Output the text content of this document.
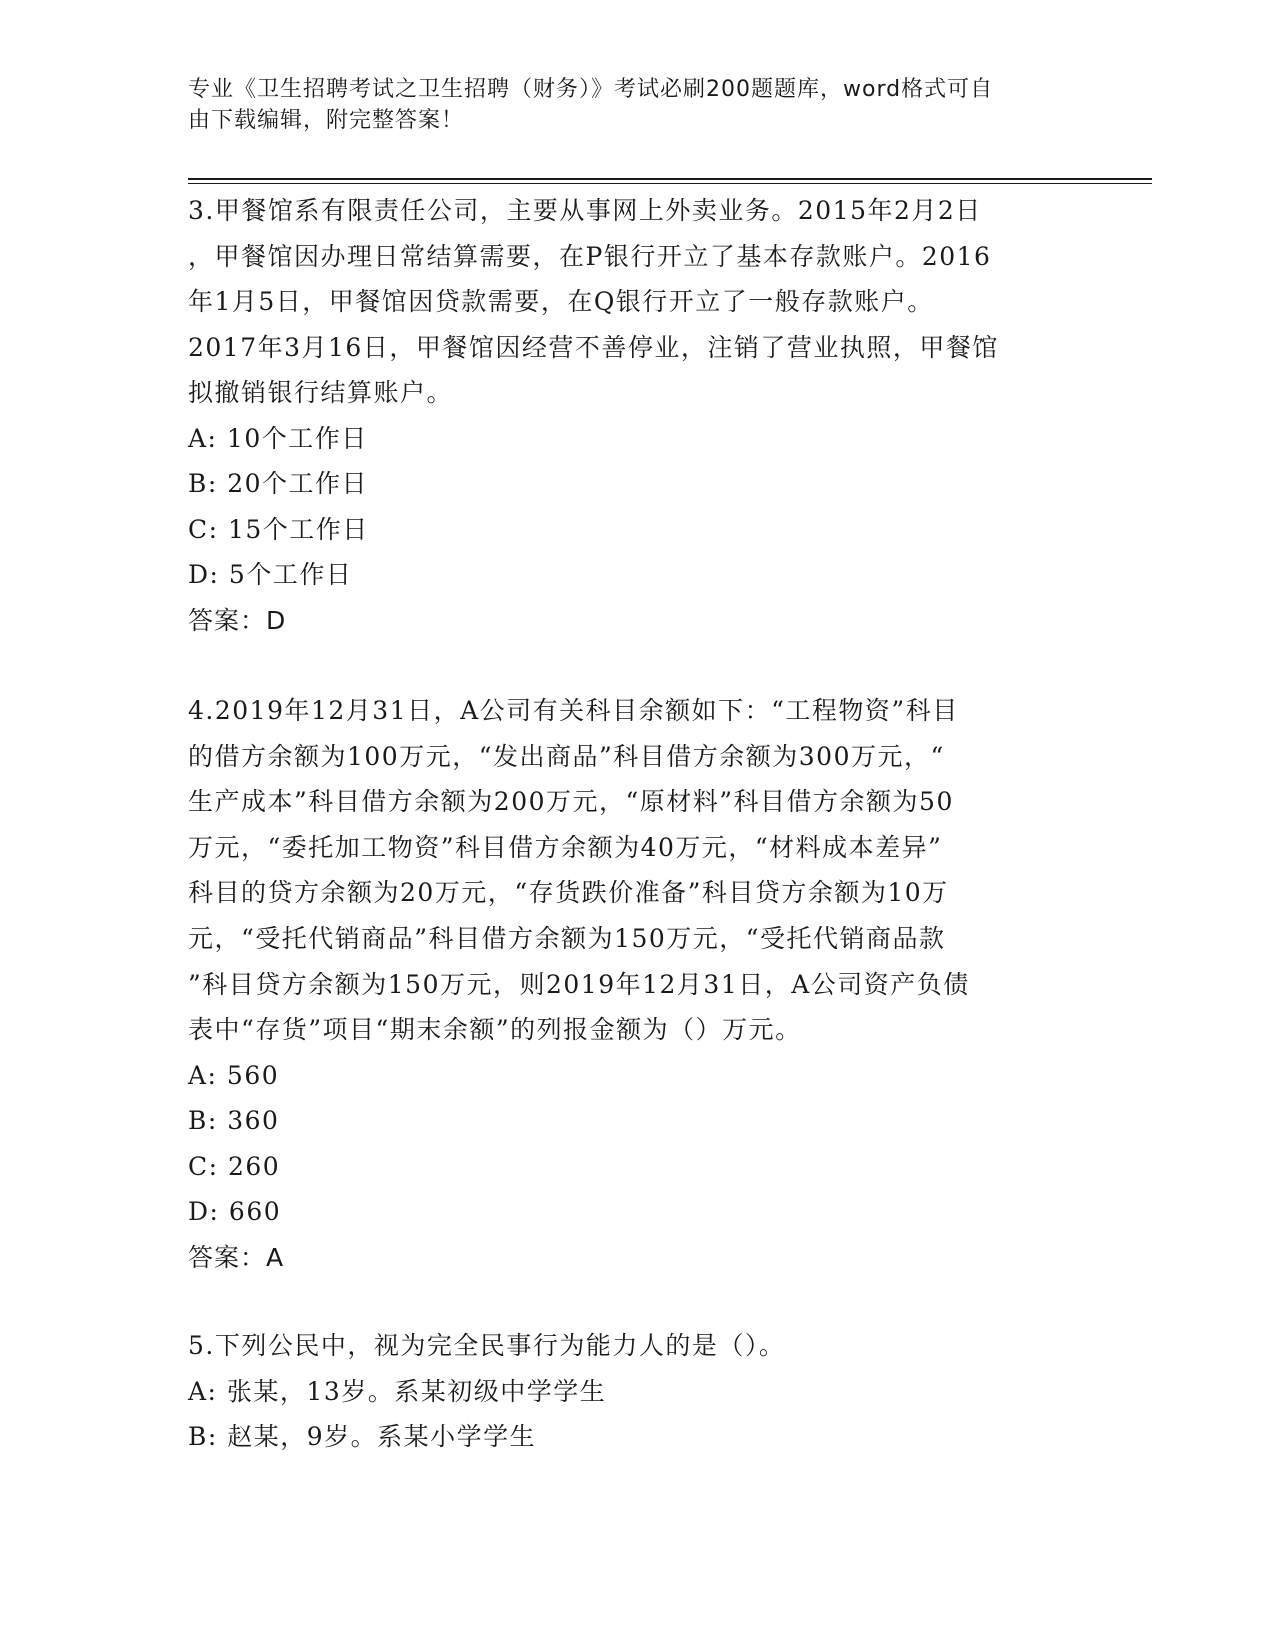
专业《卫生招聘考试之卫生招聘（财务）》考试必刷200题题库，word格式可自
由下载编辑，附完整答案！

3.甲餐馆系有限责任公司，主要从事网上外卖业务。2015年2月2日

，甲餐馆因办理日常结算需要，在P银行开立了基本存款账户。2016

年1月5日，甲餐馆因贷款需要，在Q银行开立了一般存款账户。

2017年3月16日，甲餐馆因经营不善停业，注销了营业执照，甲餐馆

拟撤销银行结算账户。

A: 10个工作日

B: 20个工作日

C: 15个工作日

D: 5个工作日

答案：D

4.2019年12月31日，A公司有关科目余额如下：“工程物资”科目

的借方余额为100万元，“发出商品”科目借方余额为300万元，“

生产成本”科目借方余额为200万元，“原材料”科目借方余额为50

万元，“委托加工物资”科目借方余额为40万元，“材料成本差异”

科目的贷方余额为20万元，“存货跌价准备”科目贷方余额为10万

元，“受托代销商品”科目借方余额为150万元，“受托代销商品款

”科目贷方余额为150万元，则2019年12月31日，A公司资产负债

表中“存货”项目“期末余额”的列报金额为（）万元。

A: 560

B: 360

C: 260

D: 660

答案：A

5.下列公民中，视为完全民事行为能力人的是（）。

A: 张某，13岁。系某初级中学学生

B: 赵某，9岁。系某小学学生
